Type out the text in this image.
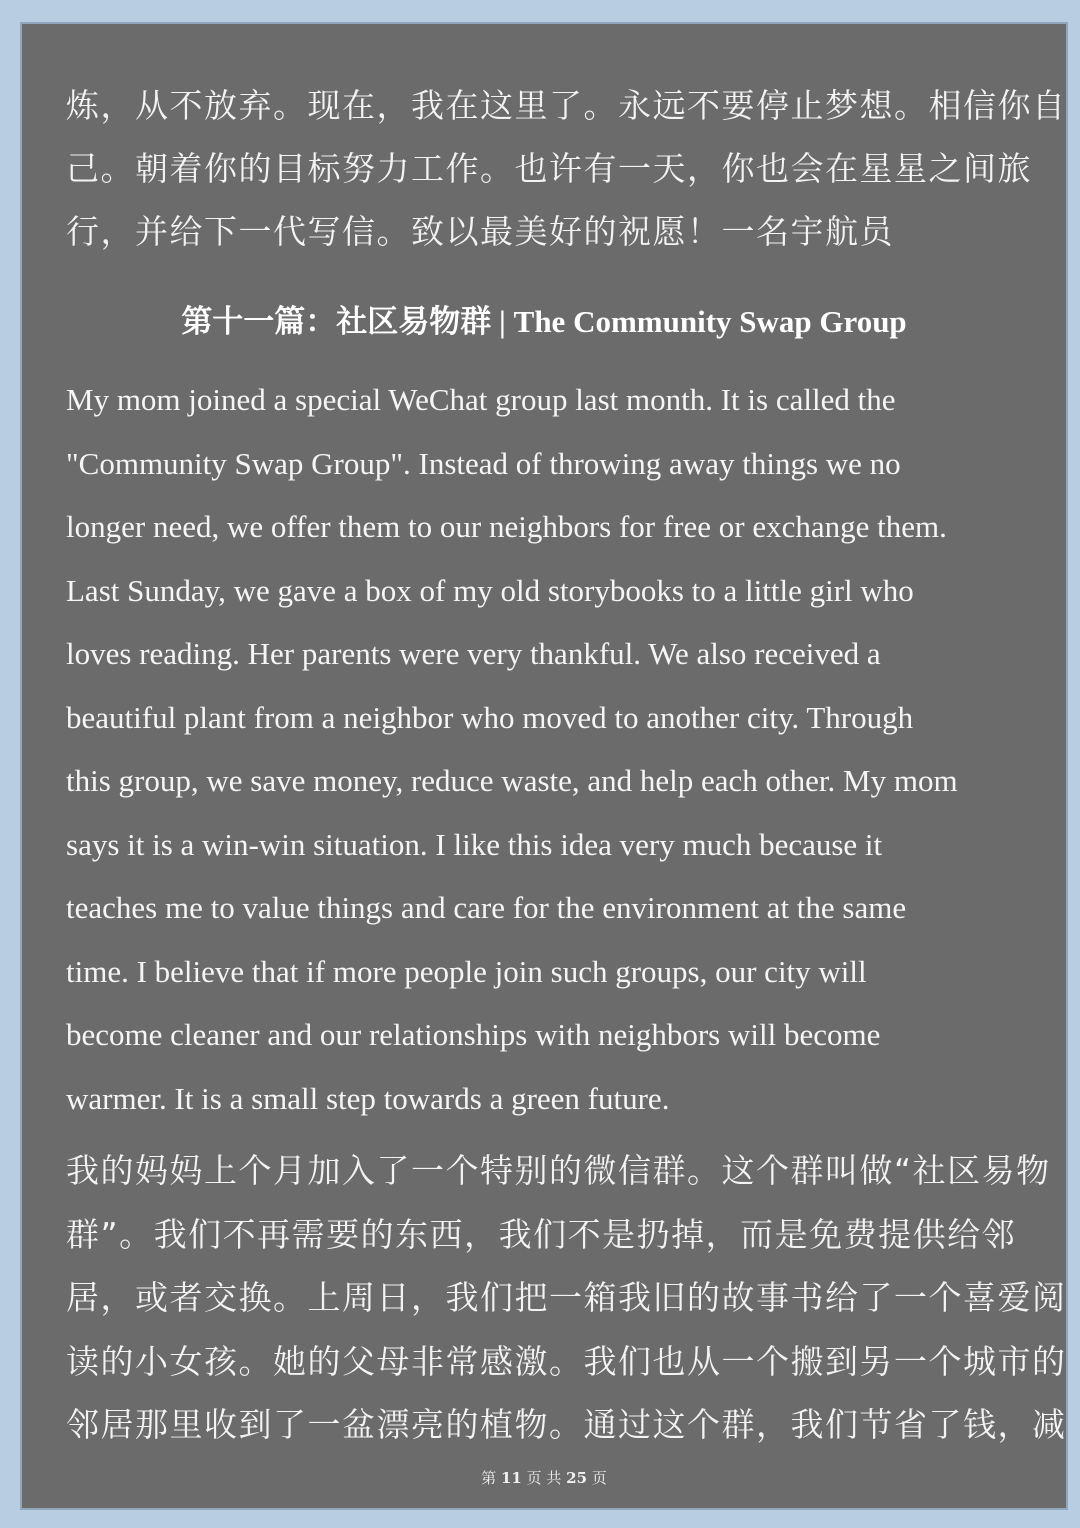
炼，从不放弃。现在，我在这里了。永远不要停止梦想。相信你自
己。朝着你的目标努力工作。也许有一天，你也会在星星之间旅
行，并给下一代写信。致以最美好的祝愿！一名宇航员
第十一篇：社区易物群 | The Community Swap Group
My mom joined a special WeChat group last month. It is called the
"Community Swap Group". Instead of throwing away things we no
longer need, we offer them to our neighbors for free or exchange them.
Last Sunday, we gave a box of my old storybooks to a little girl who
loves reading. Her parents were very thankful. We also received a
beautiful plant from a neighbor who moved to another city. Through
this group, we save money, reduce waste, and help each other. My mom
says it is a win-win situation. I like this idea very much because it
teaches me to value things and care for the environment at the same
time. I believe that if more people join such groups, our city will
become cleaner and our relationships with neighbors will become
warmer. It is a small step towards a green future.
我的妈妈上个月加入了一个特别的微信群。这个群叫做“社区易物
群”。我们不再需要的东西，我们不是扔掉，而是免费提供给邻
居，或者交换。上周日，我们把一箱我旧的故事书给了一个喜爱阅
读的小女孩。她的父母非常感激。我们也从一个搬到另一个城市的
邻居那里收到了一盆漂亮的植物。通过这个群，我们节省了钱，减
第 11 页 共 25 页
